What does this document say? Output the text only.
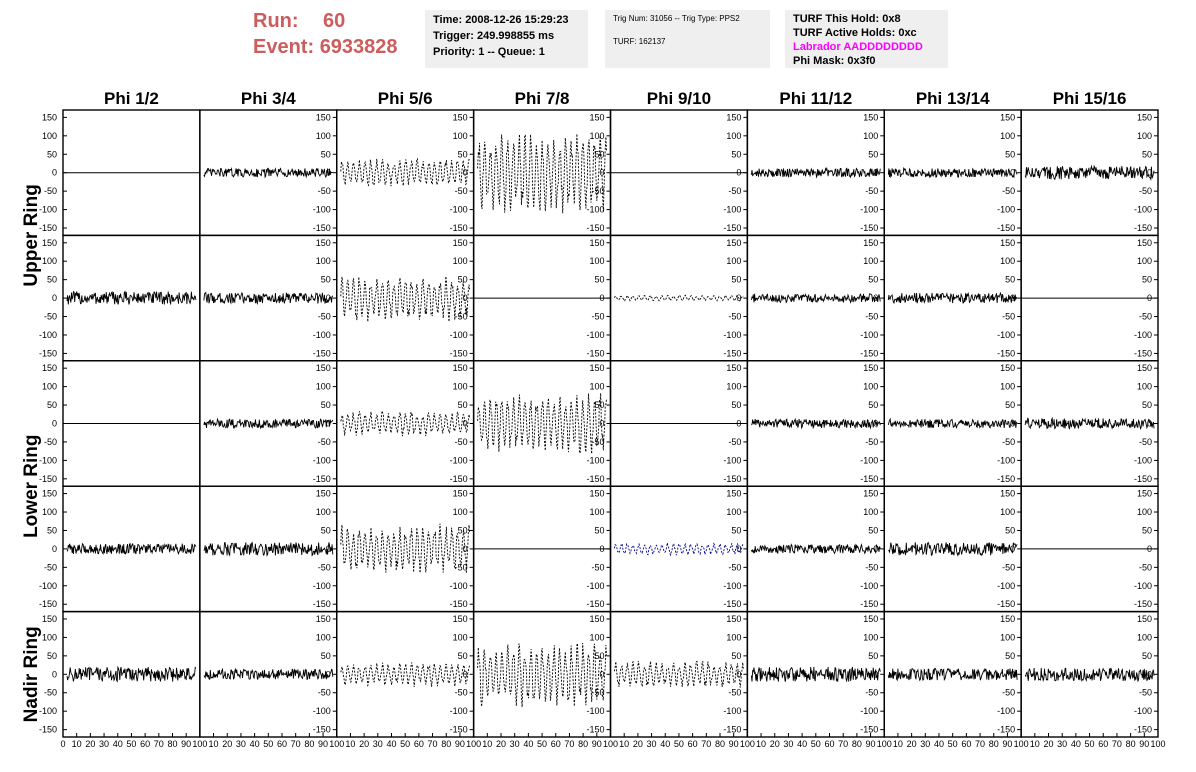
Run: 60
Event: 6933828
Time: 2008-12-26 15:29:23
Trigger: 249.998855 ms
Priority: 1 -- Queue: 1
Trig Num: 31056 -- Trig Type: PPS2
TURF: 162137
TURF This Hold: 0x8
TURF Active Holds: 0xc
Labrador AADDDDDDDD
Phi Mask: 0x3f0
Phi 1/2	Phi 3/4	Phi 5/6	Phi 7/8	Phi 9/10	Phi 11/12	Phi 13/14	Phi 15/16
Upper Ring
Lower Ring
Nadir Ring
150
100
50
0
-50
-100
-150
150
100
50
0
-50
-100
-150
150
100
50
0
-50
-100
-150
150
100
50
0
-50
-100
-150
150
100
50
0
-50
-100
-150
150
100
50
0
-50
-100
-150
150
100
50
0
-50
-100
-150
150
100
50
0
-50
-100
-150
150
100
50
0
-50
-100
-150
150
100
50
0
-50
-100
-150
150
100
50
0
-50
-100
-150
150
100
50
0
-50
-100
-150
150
100
50
0
-50
-100
-150
150
100
50
0
-50
-100
-150
150
100
50
0
-50
-100
-150
150
100
50
0
-50
-100
-150
150
100
50
0
-50
-100
-150
150
100
50
0
-50
-100
-150
150
100
50
0
-50
-100
-150
150
100
50
0
-50
-100
-150
150
100
50
0
-50
-100
-150
150
100
50
0
-50
-100
-150
150
100
50
0
-50
-100
-150
150
100
50
0
-50
-100
-150
150
100
50
0
-50
-100
-150
150
100
50
0
-50
-100
-150
150
100
50
0
-50
-100
-150
150
100
50
0
-50
-100
-150
150
100
50
0
-50
-100
-150
150
100
50
0
-50
-100
-150
150
100
50
0
-50
-100
-150
150
100
50
0
-50
-100
-150
150
100
50
0
-50
-100
-150
150
100
50
0
-50
-100
-150
150
100
50
0
-50
-100
-150
150
100
50
0
-50
-100
-150
150
100
50
0
-50
-100
-150
150
100
50
0
-50
-100
-150
150
100
50
0
-50
-100
-150
150
100
50
0
-50
-100
-150
0 10 20 30 40 50 60 70 80 90 100 10 20 30 40 50 60 70 80 90 100 10 20 30 40 50 60 70 80 90 100 10 20 30 40 50 60 70 80 90 100 10 20 30 40 50 60 70 80 90 100 10 20 30 40 50 60 70 80 90 100 10 20 30 40 50 60 70 80 90 100 10 20 30 40 50 60 70 80 90 100
